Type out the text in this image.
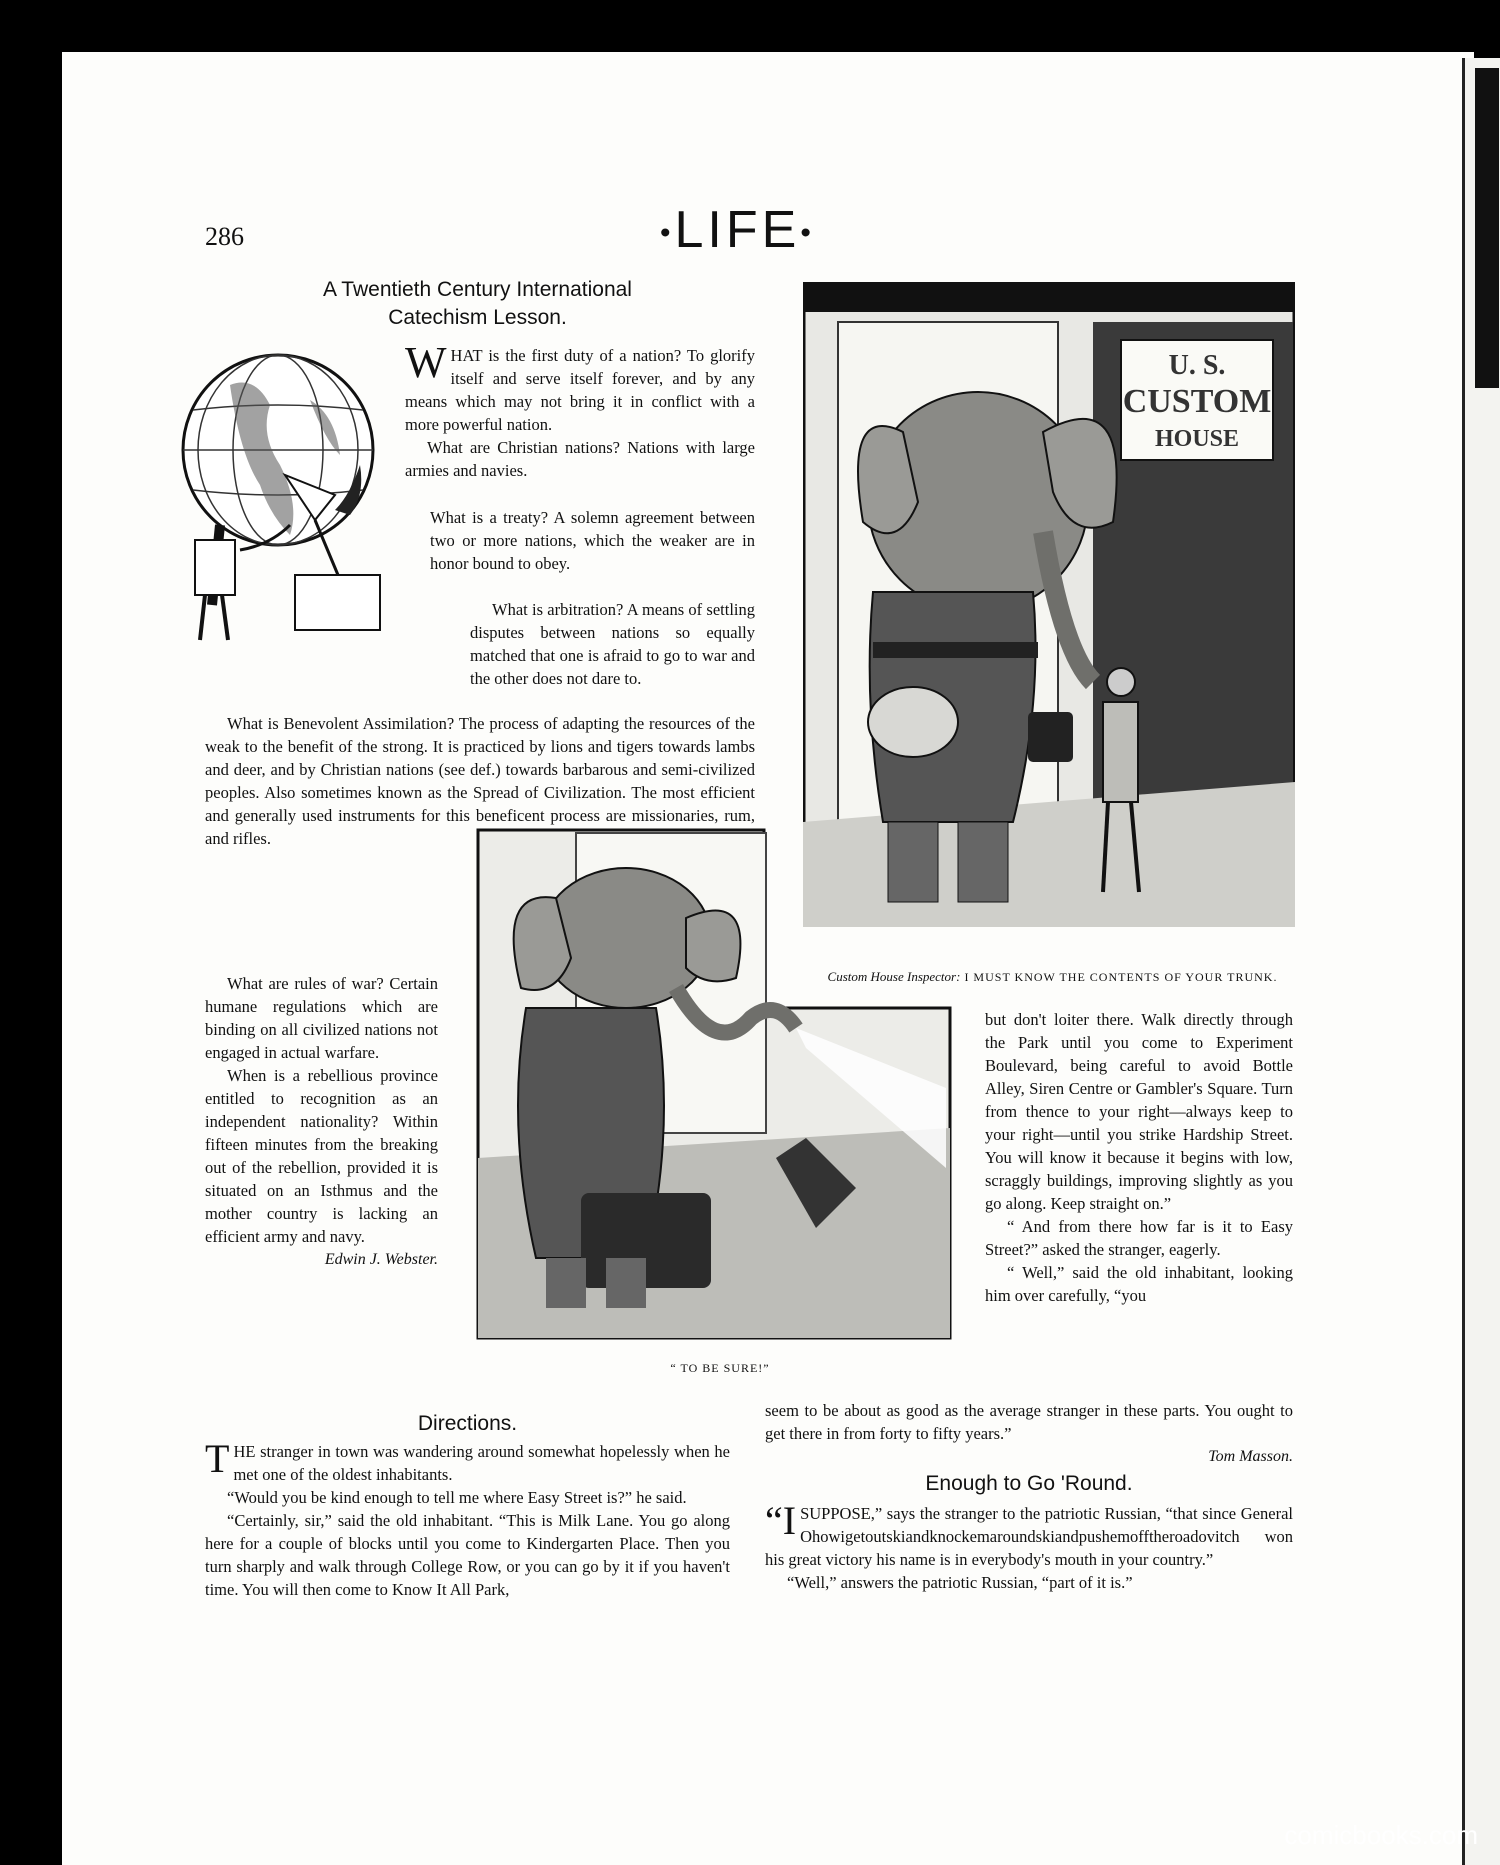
286	•LIFE•
A Twentieth Century International
Catechism Lesson.

WHAT is the first duty of a nation? To glorify itself and serve itself forever, and by any means which may not bring it in conflict with a more powerful nation.

What are Christian nations? Nations with large armies and navies.

What is a treaty? A solemn agreement between two or more nations, which the weaker are in honor bound to obey.

What is arbitration? A means of settling disputes between nations so equally matched that one is afraid to go to war and the other does not dare to.

What is Benevolent Assimilation? The process of adapting the resources of the weak to the benefit of the strong. It is practiced by lions and tigers towards lambs and deer, and by Christian nations (see def.) towards barbarous and semi-civilized peoples. Also sometimes known as the Spread of Civilization. The most efficient and generally used instruments for this beneficent process are missionaries, rum, and rifles.

What are rules of war? Certain humane regulations which are binding on all civilized nations not engaged in actual warfare.

When is a rebellious province entitled to recognition as an independent nationality? Within fifteen minutes from the breaking out of the rebellion, provided it is situated on an Isthmus and the mother country is lacking an efficient army and navy.

Edwin J. Webster.
U. S.
CUSTOM
HOUSE
Custom House Inspector: I MUST KNOW THE CONTENTS OF YOUR TRUNK.
“ TO BE SURE!”
Directions.

THE stranger in town was wandering around somewhat hopelessly when he met one of the oldest inhabitants.

“Would you be kind enough to tell me where Easy Street is?” he said.

“Certainly, sir,” said the old inhabitant. “This is Milk Lane. You go along here for a couple of blocks until you come to Kindergarten Place. Then you turn sharply and walk through College Row, or you can go by it if you haven't time. You will then come to Know It All Park,

but don't loiter there. Walk directly through the Park until you come to Experiment Boulevard, being careful to avoid Bottle Alley, Siren Centre or Gambler's Square. Turn from thence to your right—always keep to your right—until you strike Hardship Street. You will know it because it begins with low, scraggly buildings, improving slightly as you go along. Keep straight on.”

“ And from there how far is it to Easy Street?” asked the stranger, eagerly.

“ Well,” said the old inhabitant, looking him over carefully, “you

seem to be about as good as the average stranger in these parts. You ought to get there in from forty to fifty years.”

Tom Masson.
Enough to Go 'Round.

“ISUPPOSE,” says the stranger to the patriotic Russian, “that since General Ohowigetoutskiandknockemaroundskiandpushemofftheroadovitch won his great victory his name is in everybody's mouth in your country.”

“Well,” answers the patriotic Russian, “part of it is.”

comicbooks.com
